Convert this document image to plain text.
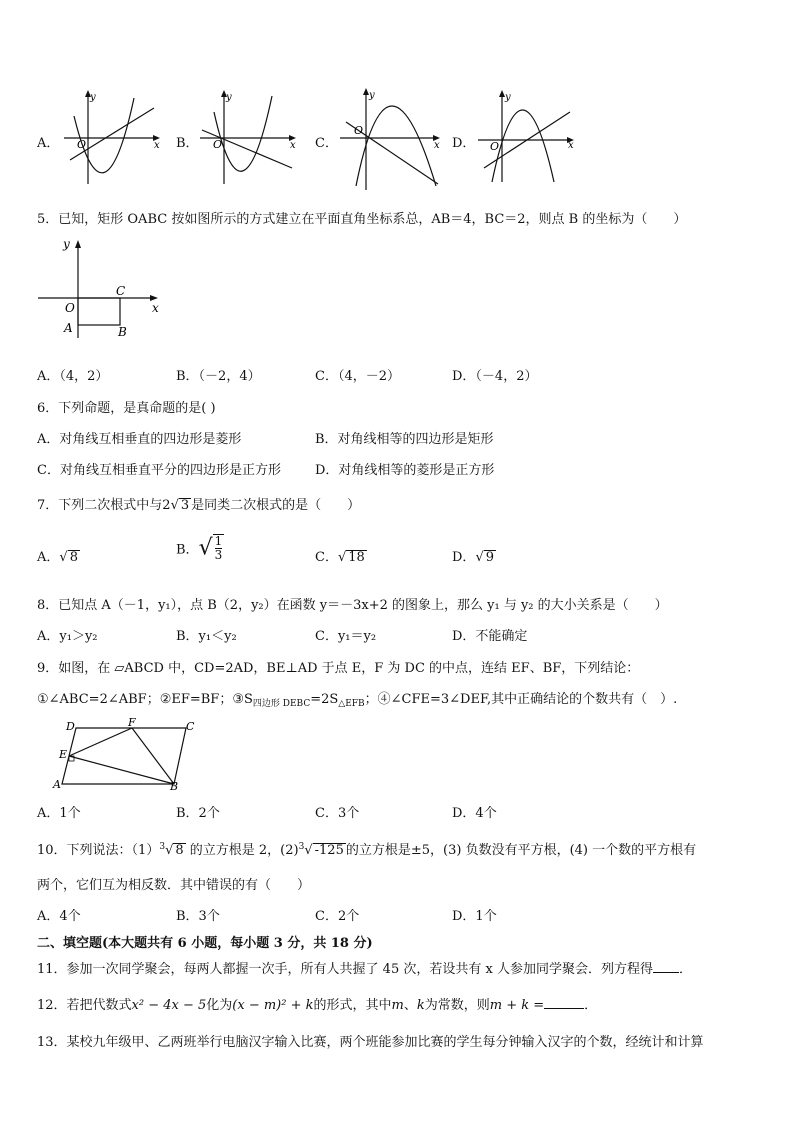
A． O
y
x B． O
y
x C．
O
y
x D． O
y
x
5．已知，矩形 OABC 按如图所示的方式建立在平面直角坐标系总，AB＝4，BC＝2，则点 B 的坐标为（　　）
y
x
O
C
A	B
A．（4，2）	B．（－2，4）	C．（4，－2）	D．（－4，2）
6．下列命题，是真命题的是( )
A．对角线互相垂直的四边形是菱形	B．对角线相等的四边形是矩形
C．对角线互相垂直平分的四边形是正方形	D．对角线相等的菱形是正方形
7．下列二次根式中与2√ 3 是同类二次根式的是（　　）
A．√ 8	B．√ $\frac{1}{3}$	C．√ 18	D．√ 9
8．已知点 A（－1，y₁），点 B（2，y₂）在函数 y＝－3x+2 的图象上，那么 y₁ 与 y₂ 的大小关系是（　　）
A．y₁＞y₂	B．y₁＜y₂	C．y₁＝y₂	D．不能确定
9．如图，在 ▱ABCD 中，CD=2AD，BE⊥AD 于点 E，F 为 DC 的中点，连结 EF、BF，下列结论：
①∠ABC=2∠ABF；②EF=BF；$③S_{四边形 DEBC}=2S_{\triangle EFB}$；④∠CFE=3∠DEF,其中正确结论的个数共有（　）.
D	F	C
E
A	B
A．1个	B．2个	C．3个	D．4个
10．下列说法：$(1)^3√$ 8 的立方根是 2，$(2)^3√$ -125 的立方根是±5，(3) 负数没有平方根，(4) 一个数的平方根有
两个，它们互为相反数．其中错误的有（　　）
A．4个	B．3个	C．2个	D．1个
二、填空题(本大题共有 6 小题，每小题 3 分，共 18 分)
11．参加一次同学聚会，每两人都握一次手，所有人共握了 45 次，若设共有 x 人参加同学聚会．列方程得 ．
12．若把代数式x² − 4x − 5化为(x − m)² + k的形式，其中m、k为常数，则m + k =	．
13．某校九年级甲、乙两班举行电脑汉字输入比赛，两个班能参加比赛的学生每分钟输入汉字的个数，经统计和计算
